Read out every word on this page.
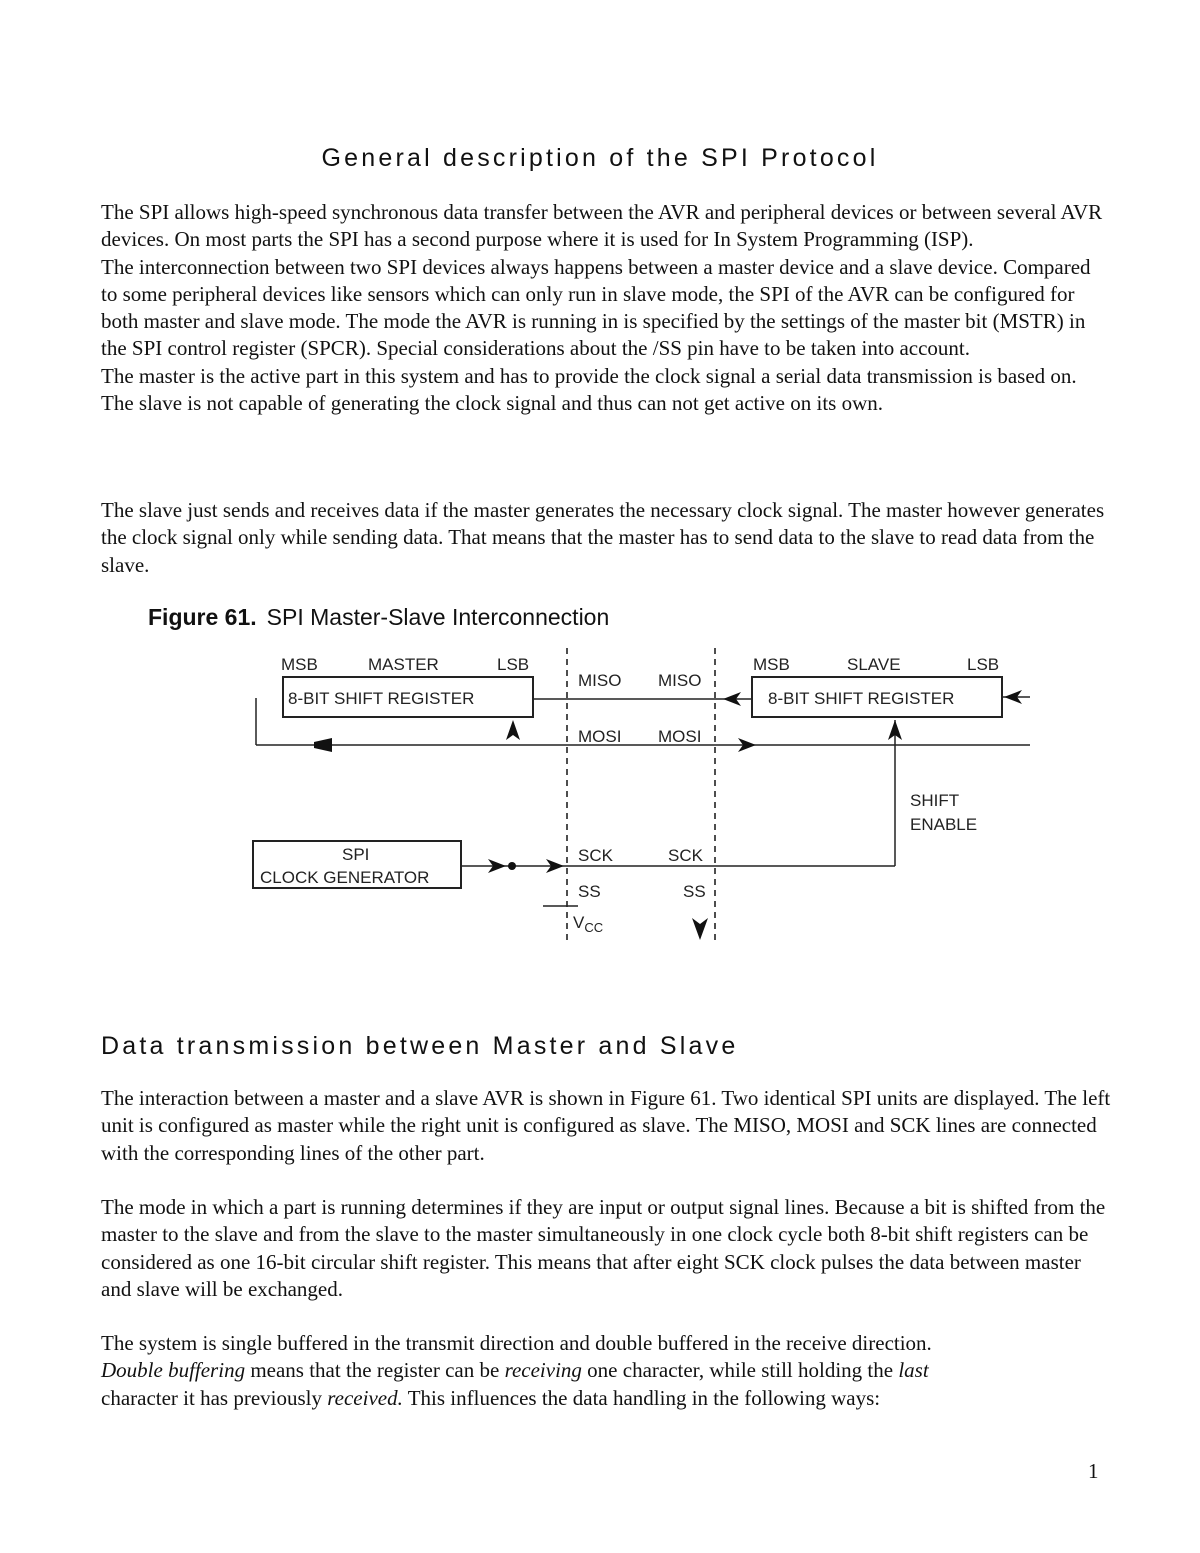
General description of the SPI Protocol
The SPI allows high-speed synchronous data transfer between the AVR and peripheral devices or between several AVR devices. On most parts the SPI has a second purpose where it is used for In System Programming (ISP).
The interconnection between two SPI devices always happens between a master device and a slave device. Compared to some peripheral devices like sensors which can only run in slave mode, the SPI of the AVR can be configured for both master and slave mode. The mode the AVR is running in is specified by the settings of the master bit (MSTR) in the SPI control register (SPCR). Special considerations about the /SS pin have to be taken into account.
The master is the active part in this system and has to provide the clock signal a serial data transmission is based on. The slave is not capable of generating the clock signal and thus can not get active on its own.

The slave just sends and receives data if the master generates the necessary clock signal. The master however generates the clock signal only while sending data. That means that the master has to send data to the slave to read data from the slave.

Figure 61. SPI Master-Slave Interconnection
MSB	MASTER	LSB
8-BIT SHIFT REGISTER
MSB	SLAVE	LSB
8-BIT SHIFT REGISTER
MISO MISO
MOSI MOSI
SHIFT
ENABLE
SPI
CLOCK GENERATOR
SCK	SCK
SS	SS
$V_{CC}$
Data transmission between Master and Slave

The interaction between a master and a slave AVR is shown in Figure 61. Two identical SPI units are displayed. The left unit is configured as master while the right unit is configured as slave. The MISO, MOSI and SCK lines are connected with the corresponding lines of the other part.

The mode in which a part is running determines if they are input or output signal lines. Because a bit is shifted from the master to the slave and from the slave to the master simultaneously in one clock cycle both 8-bit shift registers can be considered as one 16-bit circular shift register. This means that after eight SCK clock pulses the data between master and slave will be exchanged.

The system is single buffered in the transmit direction and double buffered in the receive direction.
Double buffering means that the register can be receiving one character, while still holding the last
character it has previously received. This influences the data handling in the following ways:

1
